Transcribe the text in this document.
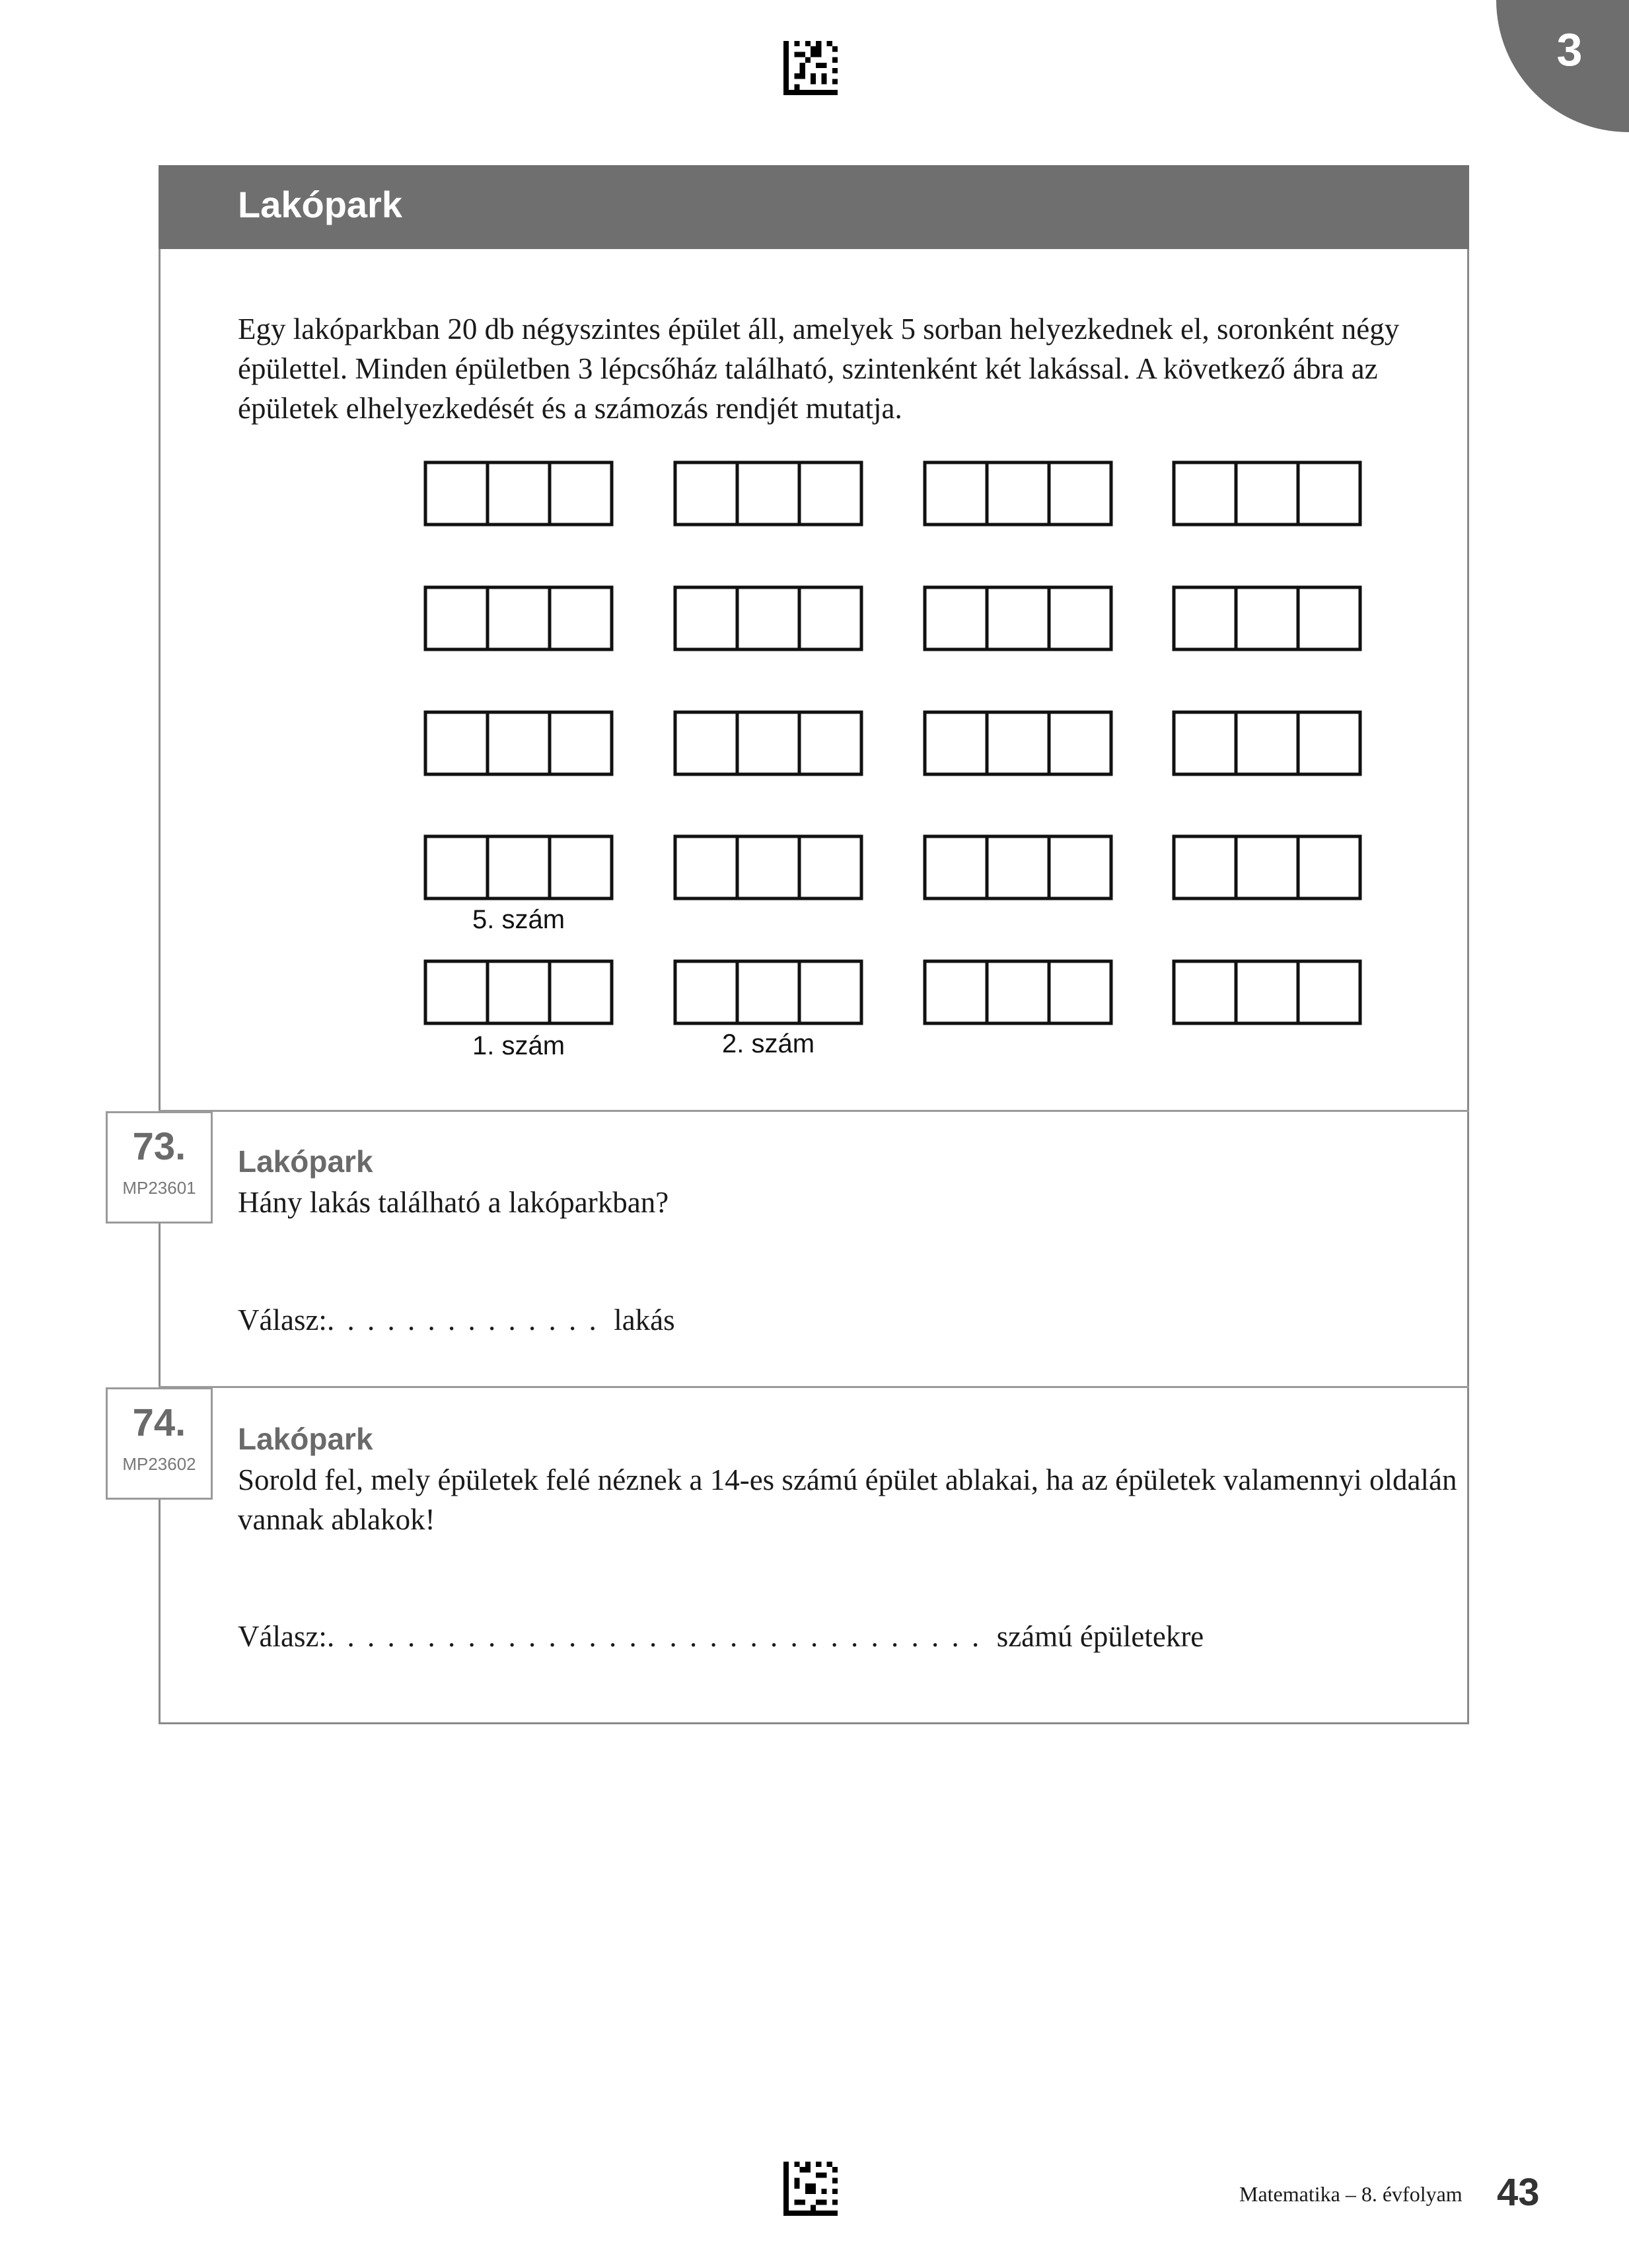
3
Lakópark
Egy lakóparkban 20 db négyszintes épület áll, amelyek 5 sorban helyezkednek el, soronként négy épülettel. Minden épületben 3 lépcsőház található, szintenként két lakással. A következő ábra az épületek elhelyezkedését és a számozás rendjét mutatja.
1. szám	2. szám
5. szám
73.
MP23601
Lakópark
Hány lakás található a lakóparkban?
Válasz:. . . . . . . . . . . . . . lakás
74.
MP23602
Lakópark
Sorold fel, mely épületek felé néznek a 14-es számú épület ablakai, ha az épületek valamennyi oldalán vannak ablakok!
Válasz:. . . . . . . . . . . . . . . . . . . . . . . . . . . . . . . . . számú épületekre
Matematika – 8. évfolyam 43
